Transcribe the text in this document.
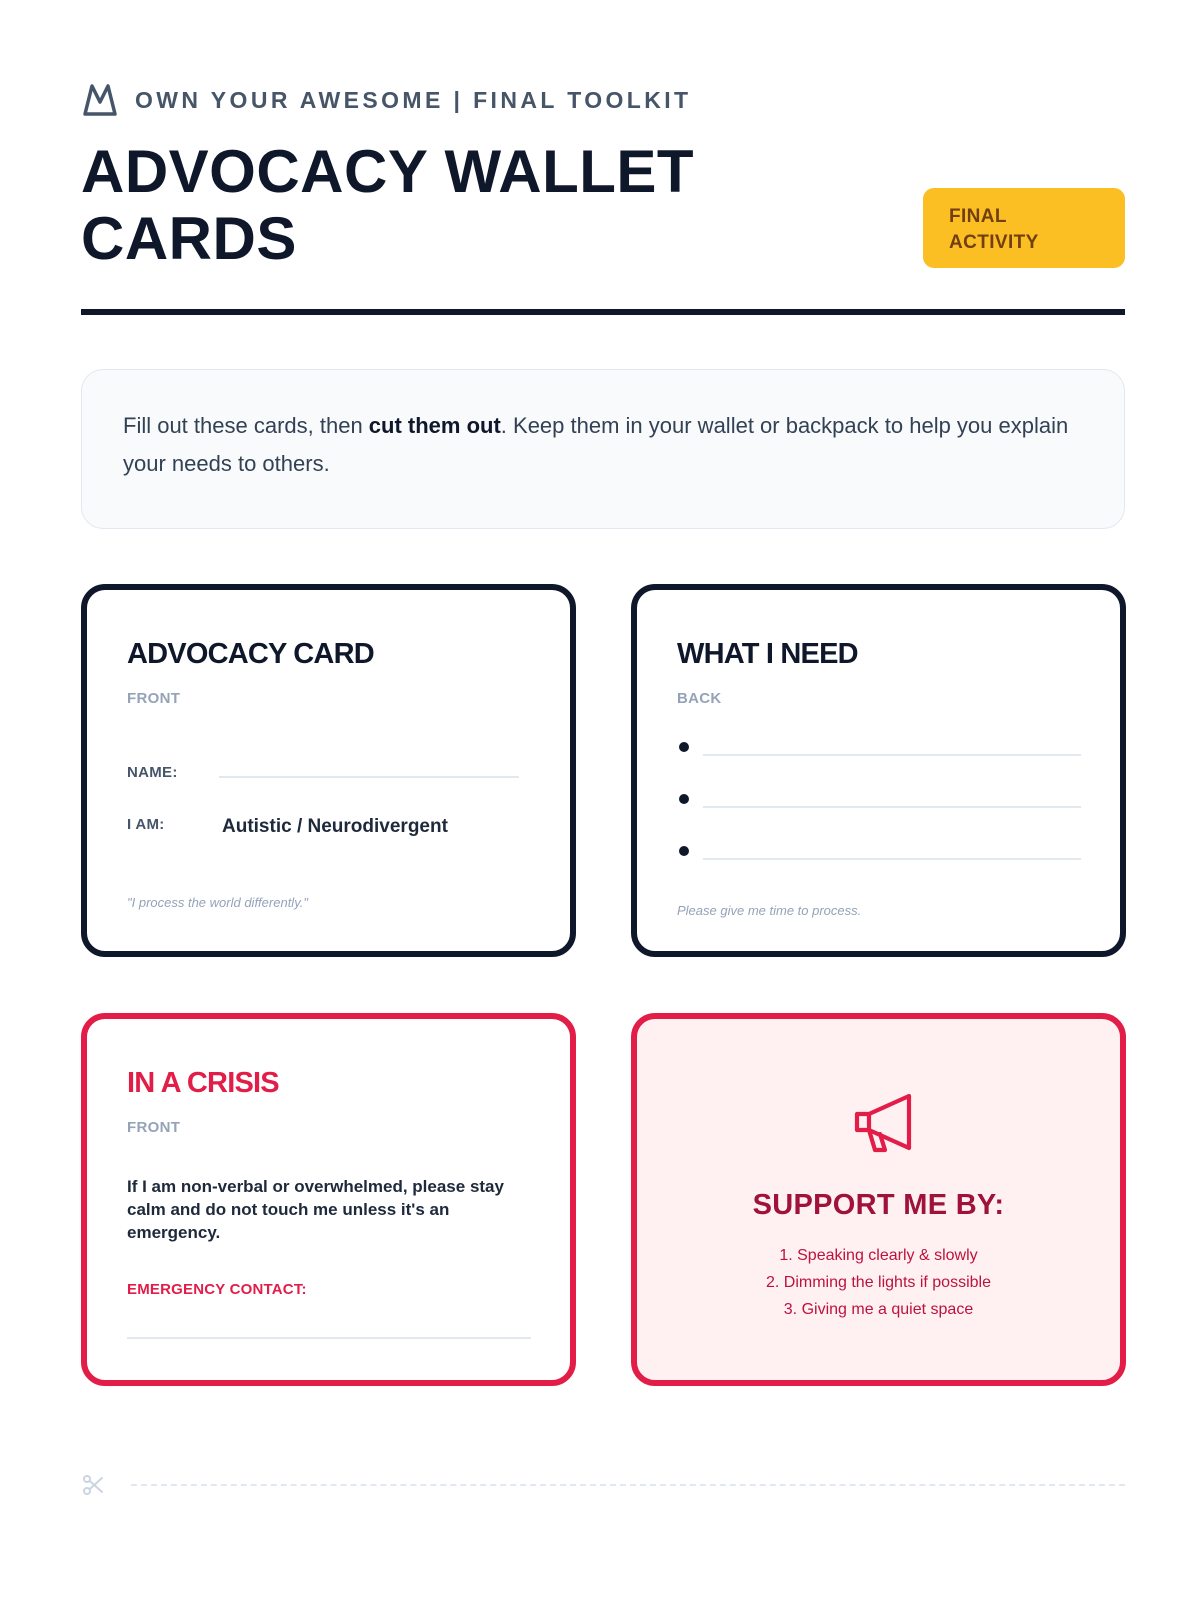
OWN YOUR AWESOME | FINAL TOOLKIT
ADVOCACY WALLET
CARDS	FINAL
ACTIVITY
Fill out these cards, then cut them out. Keep them in your wallet or backpack to help you explain your needs to others.
ADVOCACY CARD
FRONT
NAME:
I AM:	Autistic / Neurodivergent
"I process the world differently."
WHAT I NEED
BACK
Please give me time to process.
IN A CRISIS
FRONT
If I am non-verbal or overwhelmed, please stay calm and do not touch me unless it's an emergency.
EMERGENCY CONTACT:
SUPPORT ME BY:
1. Speaking clearly & slowly
2. Dimming the lights if possible
3. Giving me a quiet space
